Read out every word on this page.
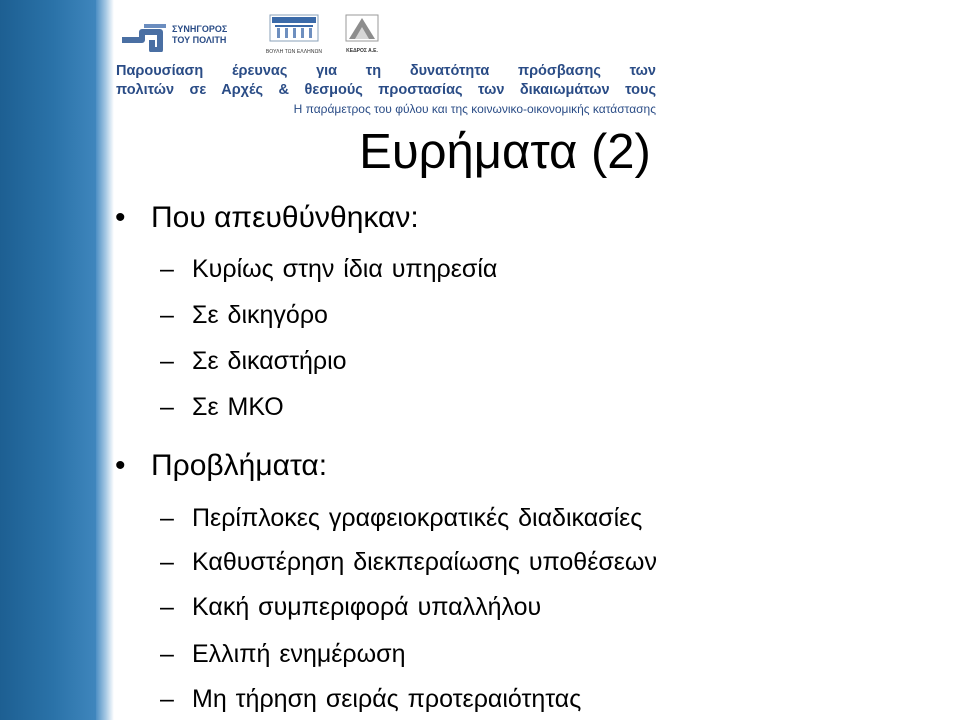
ΣΥΝΗΓΟΡΟΣ
ΤΟΥ ΠΟΛΙΤΗ
ΒΟΥΛΗ ΤΩΝ ΕΛΛΗΝΩΝ	ΚΕΔΡΟΣ Α.Ε.
Παρουσίαση έρευνας για τη δυνατότητα πρόσβασης των
πολιτών σε Αρχές & θεσμούς προστασίας των δικαιωμάτων τους
Η παράμετρος του φύλου και της κοινωνικο-οικονομικής κατάστασης
Ευρήματα (2)
• Που απευθύνθηκαν:
– Κυρίως στην ίδια υπηρεσία
– Σε δικηγόρο
– Σε δικαστήριο
– Σε ΜΚΟ
• Προβλήματα:
– Περίπλοκες γραφειοκρατικές διαδικασίες
– Καθυστέρηση διεκπεραίωσης υποθέσεων
– Κακή συμπεριφορά υπαλλήλου
– Ελλιπή ενημέρωση
– Μη τήρηση σειράς προτεραιότητας
